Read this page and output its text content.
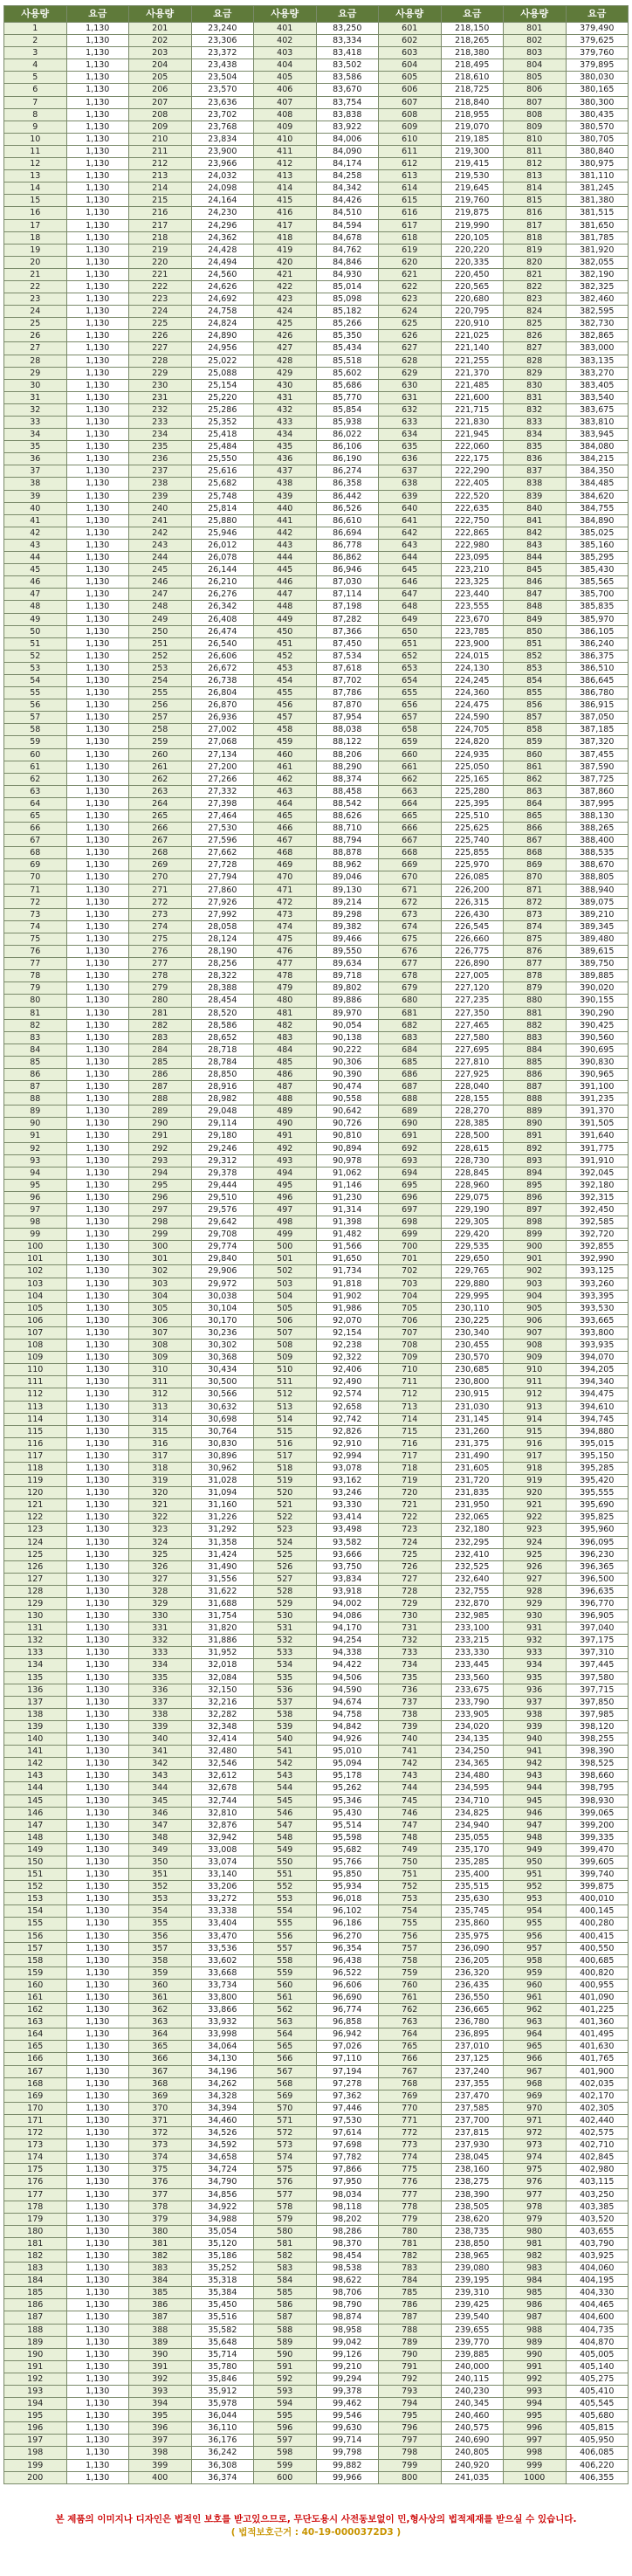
사용량	요금	사용량	요금	사용량	요금	사용량	요금	사용량	요금
1	1,130	201	23,240	401	83,250	601	218,150	801	379,490
2	1,130	202	23,306	402	83,334	602	218,265	802	379,625
3	1,130	203	23,372	403	83,418	603	218,380	803	379,760
4	1,130	204	23,438	404	83,502	604	218,495	804	379,895
5	1,130	205	23,504	405	83,586	605	218,610	805	380,030
6	1,130	206	23,570	406	83,670	606	218,725	806	380,165
7	1,130	207	23,636	407	83,754	607	218,840	807	380,300
8	1,130	208	23,702	408	83,838	608	218,955	808	380,435
9	1,130	209	23,768	409	83,922	609	219,070	809	380,570
10	1,130	210	23,834	410	84,006	610	219,185	810	380,705
11	1,130	211	23,900	411	84,090	611	219,300	811	380,840
12	1,130	212	23,966	412	84,174	612	219,415	812	380,975
13	1,130	213	24,032	413	84,258	613	219,530	813	381,110
14	1,130	214	24,098	414	84,342	614	219,645	814	381,245
15	1,130	215	24,164	415	84,426	615	219,760	815	381,380
16	1,130	216	24,230	416	84,510	616	219,875	816	381,515
17	1,130	217	24,296	417	84,594	617	219,990	817	381,650
18	1,130	218	24,362	418	84,678	618	220,105	818	381,785
19	1,130	219	24,428	419	84,762	619	220,220	819	381,920
20	1,130	220	24,494	420	84,846	620	220,335	820	382,055
21	1,130	221	24,560	421	84,930	621	220,450	821	382,190
22	1,130	222	24,626	422	85,014	622	220,565	822	382,325
23	1,130	223	24,692	423	85,098	623	220,680	823	382,460
24	1,130	224	24,758	424	85,182	624	220,795	824	382,595
25	1,130	225	24,824	425	85,266	625	220,910	825	382,730
26	1,130	226	24,890	426	85,350	626	221,025	826	382,865
27	1,130	227	24,956	427	85,434	627	221,140	827	383,000
28	1,130	228	25,022	428	85,518	628	221,255	828	383,135
29	1,130	229	25,088	429	85,602	629	221,370	829	383,270
30	1,130	230	25,154	430	85,686	630	221,485	830	383,405
31	1,130	231	25,220	431	85,770	631	221,600	831	383,540
32	1,130	232	25,286	432	85,854	632	221,715	832	383,675
33	1,130	233	25,352	433	85,938	633	221,830	833	383,810
34	1,130	234	25,418	434	86,022	634	221,945	834	383,945
35	1,130	235	25,484	435	86,106	635	222,060	835	384,080
36	1,130	236	25,550	436	86,190	636	222,175	836	384,215
37	1,130	237	25,616	437	86,274	637	222,290	837	384,350
38	1,130	238	25,682	438	86,358	638	222,405	838	384,485
39	1,130	239	25,748	439	86,442	639	222,520	839	384,620
40	1,130	240	25,814	440	86,526	640	222,635	840	384,755
41	1,130	241	25,880	441	86,610	641	222,750	841	384,890
42	1,130	242	25,946	442	86,694	642	222,865	842	385,025
43	1,130	243	26,012	443	86,778	643	222,980	843	385,160
44	1,130	244	26,078	444	86,862	644	223,095	844	385,295
45	1,130	245	26,144	445	86,946	645	223,210	845	385,430
46	1,130	246	26,210	446	87,030	646	223,325	846	385,565
47	1,130	247	26,276	447	87,114	647	223,440	847	385,700
48	1,130	248	26,342	448	87,198	648	223,555	848	385,835
49	1,130	249	26,408	449	87,282	649	223,670	849	385,970
50	1,130	250	26,474	450	87,366	650	223,785	850	386,105
51	1,130	251	26,540	451	87,450	651	223,900	851	386,240
52	1,130	252	26,606	452	87,534	652	224,015	852	386,375
53	1,130	253	26,672	453	87,618	653	224,130	853	386,510
54	1,130	254	26,738	454	87,702	654	224,245	854	386,645
55	1,130	255	26,804	455	87,786	655	224,360	855	386,780
56	1,130	256	26,870	456	87,870	656	224,475	856	386,915
57	1,130	257	26,936	457	87,954	657	224,590	857	387,050
58	1,130	258	27,002	458	88,038	658	224,705	858	387,185
59	1,130	259	27,068	459	88,122	659	224,820	859	387,320
60	1,130	260	27,134	460	88,206	660	224,935	860	387,455
61	1,130	261	27,200	461	88,290	661	225,050	861	387,590
62	1,130	262	27,266	462	88,374	662	225,165	862	387,725
63	1,130	263	27,332	463	88,458	663	225,280	863	387,860
64	1,130	264	27,398	464	88,542	664	225,395	864	387,995
65	1,130	265	27,464	465	88,626	665	225,510	865	388,130
66	1,130	266	27,530	466	88,710	666	225,625	866	388,265
67	1,130	267	27,596	467	88,794	667	225,740	867	388,400
68	1,130	268	27,662	468	88,878	668	225,855	868	388,535
69	1,130	269	27,728	469	88,962	669	225,970	869	388,670
70	1,130	270	27,794	470	89,046	670	226,085	870	388,805
71	1,130	271	27,860	471	89,130	671	226,200	871	388,940
72	1,130	272	27,926	472	89,214	672	226,315	872	389,075
73	1,130	273	27,992	473	89,298	673	226,430	873	389,210
74	1,130	274	28,058	474	89,382	674	226,545	874	389,345
75	1,130	275	28,124	475	89,466	675	226,660	875	389,480
76	1,130	276	28,190	476	89,550	676	226,775	876	389,615
77	1,130	277	28,256	477	89,634	677	226,890	877	389,750
78	1,130	278	28,322	478	89,718	678	227,005	878	389,885
79	1,130	279	28,388	479	89,802	679	227,120	879	390,020
80	1,130	280	28,454	480	89,886	680	227,235	880	390,155
81	1,130	281	28,520	481	89,970	681	227,350	881	390,290
82	1,130	282	28,586	482	90,054	682	227,465	882	390,425
83	1,130	283	28,652	483	90,138	683	227,580	883	390,560
84	1,130	284	28,718	484	90,222	684	227,695	884	390,695
85	1,130	285	28,784	485	90,306	685	227,810	885	390,830
86	1,130	286	28,850	486	90,390	686	227,925	886	390,965
87	1,130	287	28,916	487	90,474	687	228,040	887	391,100
88	1,130	288	28,982	488	90,558	688	228,155	888	391,235
89	1,130	289	29,048	489	90,642	689	228,270	889	391,370
90	1,130	290	29,114	490	90,726	690	228,385	890	391,505
91	1,130	291	29,180	491	90,810	691	228,500	891	391,640
92	1,130	292	29,246	492	90,894	692	228,615	892	391,775
93	1,130	293	29,312	493	90,978	693	228,730	893	391,910
94	1,130	294	29,378	494	91,062	694	228,845	894	392,045
95	1,130	295	29,444	495	91,146	695	228,960	895	392,180
96	1,130	296	29,510	496	91,230	696	229,075	896	392,315
97	1,130	297	29,576	497	91,314	697	229,190	897	392,450
98	1,130	298	29,642	498	91,398	698	229,305	898	392,585
99	1,130	299	29,708	499	91,482	699	229,420	899	392,720
100	1,130	300	29,774	500	91,566	700	229,535	900	392,855
101	1,130	301	29,840	501	91,650	701	229,650	901	392,990
102	1,130	302	29,906	502	91,734	702	229,765	902	393,125
103	1,130	303	29,972	503	91,818	703	229,880	903	393,260
104	1,130	304	30,038	504	91,902	704	229,995	904	393,395
105	1,130	305	30,104	505	91,986	705	230,110	905	393,530
106	1,130	306	30,170	506	92,070	706	230,225	906	393,665
107	1,130	307	30,236	507	92,154	707	230,340	907	393,800
108	1,130	308	30,302	508	92,238	708	230,455	908	393,935
109	1,130	309	30,368	509	92,322	709	230,570	909	394,070
110	1,130	310	30,434	510	92,406	710	230,685	910	394,205
111	1,130	311	30,500	511	92,490	711	230,800	911	394,340
112	1,130	312	30,566	512	92,574	712	230,915	912	394,475
113	1,130	313	30,632	513	92,658	713	231,030	913	394,610
114	1,130	314	30,698	514	92,742	714	231,145	914	394,745
115	1,130	315	30,764	515	92,826	715	231,260	915	394,880
116	1,130	316	30,830	516	92,910	716	231,375	916	395,015
117	1,130	317	30,896	517	92,994	717	231,490	917	395,150
118	1,130	318	30,962	518	93,078	718	231,605	918	395,285
119	1,130	319	31,028	519	93,162	719	231,720	919	395,420
120	1,130	320	31,094	520	93,246	720	231,835	920	395,555
121	1,130	321	31,160	521	93,330	721	231,950	921	395,690
122	1,130	322	31,226	522	93,414	722	232,065	922	395,825
123	1,130	323	31,292	523	93,498	723	232,180	923	395,960
124	1,130	324	31,358	524	93,582	724	232,295	924	396,095
125	1,130	325	31,424	525	93,666	725	232,410	925	396,230
126	1,130	326	31,490	526	93,750	726	232,525	926	396,365
127	1,130	327	31,556	527	93,834	727	232,640	927	396,500
128	1,130	328	31,622	528	93,918	728	232,755	928	396,635
129	1,130	329	31,688	529	94,002	729	232,870	929	396,770
130	1,130	330	31,754	530	94,086	730	232,985	930	396,905
131	1,130	331	31,820	531	94,170	731	233,100	931	397,040
132	1,130	332	31,886	532	94,254	732	233,215	932	397,175
133	1,130	333	31,952	533	94,338	733	233,330	933	397,310
134	1,130	334	32,018	534	94,422	734	233,445	934	397,445
135	1,130	335	32,084	535	94,506	735	233,560	935	397,580
136	1,130	336	32,150	536	94,590	736	233,675	936	397,715
137	1,130	337	32,216	537	94,674	737	233,790	937	397,850
138	1,130	338	32,282	538	94,758	738	233,905	938	397,985
139	1,130	339	32,348	539	94,842	739	234,020	939	398,120
140	1,130	340	32,414	540	94,926	740	234,135	940	398,255
141	1,130	341	32,480	541	95,010	741	234,250	941	398,390
142	1,130	342	32,546	542	95,094	742	234,365	942	398,525
143	1,130	343	32,612	543	95,178	743	234,480	943	398,660
144	1,130	344	32,678	544	95,262	744	234,595	944	398,795
145	1,130	345	32,744	545	95,346	745	234,710	945	398,930
146	1,130	346	32,810	546	95,430	746	234,825	946	399,065
147	1,130	347	32,876	547	95,514	747	234,940	947	399,200
148	1,130	348	32,942	548	95,598	748	235,055	948	399,335
149	1,130	349	33,008	549	95,682	749	235,170	949	399,470
150	1,130	350	33,074	550	95,766	750	235,285	950	399,605
151	1,130	351	33,140	551	95,850	751	235,400	951	399,740
152	1,130	352	33,206	552	95,934	752	235,515	952	399,875
153	1,130	353	33,272	553	96,018	753	235,630	953	400,010
154	1,130	354	33,338	554	96,102	754	235,745	954	400,145
155	1,130	355	33,404	555	96,186	755	235,860	955	400,280
156	1,130	356	33,470	556	96,270	756	235,975	956	400,415
157	1,130	357	33,536	557	96,354	757	236,090	957	400,550
158	1,130	358	33,602	558	96,438	758	236,205	958	400,685
159	1,130	359	33,668	559	96,522	759	236,320	959	400,820
160	1,130	360	33,734	560	96,606	760	236,435	960	400,955
161	1,130	361	33,800	561	96,690	761	236,550	961	401,090
162	1,130	362	33,866	562	96,774	762	236,665	962	401,225
163	1,130	363	33,932	563	96,858	763	236,780	963	401,360
164	1,130	364	33,998	564	96,942	764	236,895	964	401,495
165	1,130	365	34,064	565	97,026	765	237,010	965	401,630
166	1,130	366	34,130	566	97,110	766	237,125	966	401,765
167	1,130	367	34,196	567	97,194	767	237,240	967	401,900
168	1,130	368	34,262	568	97,278	768	237,355	968	402,035
169	1,130	369	34,328	569	97,362	769	237,470	969	402,170
170	1,130	370	34,394	570	97,446	770	237,585	970	402,305
171	1,130	371	34,460	571	97,530	771	237,700	971	402,440
172	1,130	372	34,526	572	97,614	772	237,815	972	402,575
173	1,130	373	34,592	573	97,698	773	237,930	973	402,710
174	1,130	374	34,658	574	97,782	774	238,045	974	402,845
175	1,130	375	34,724	575	97,866	775	238,160	975	402,980
176	1,130	376	34,790	576	97,950	776	238,275	976	403,115
177	1,130	377	34,856	577	98,034	777	238,390	977	403,250
178	1,130	378	34,922	578	98,118	778	238,505	978	403,385
179	1,130	379	34,988	579	98,202	779	238,620	979	403,520
180	1,130	380	35,054	580	98,286	780	238,735	980	403,655
181	1,130	381	35,120	581	98,370	781	238,850	981	403,790
182	1,130	382	35,186	582	98,454	782	238,965	982	403,925
183	1,130	383	35,252	583	98,538	783	239,080	983	404,060
184	1,130	384	35,318	584	98,622	784	239,195	984	404,195
185	1,130	385	35,384	585	98,706	785	239,310	985	404,330
186	1,130	386	35,450	586	98,790	786	239,425	986	404,465
187	1,130	387	35,516	587	98,874	787	239,540	987	404,600
188	1,130	388	35,582	588	98,958	788	239,655	988	404,735
189	1,130	389	35,648	589	99,042	789	239,770	989	404,870
190	1,130	390	35,714	590	99,126	790	239,885	990	405,005
191	1,130	391	35,780	591	99,210	791	240,000	991	405,140
192	1,130	392	35,846	592	99,294	792	240,115	992	405,275
193	1,130	393	35,912	593	99,378	793	240,230	993	405,410
194	1,130	394	35,978	594	99,462	794	240,345	994	405,545
195	1,130	395	36,044	595	99,546	795	240,460	995	405,680
196	1,130	396	36,110	596	99,630	796	240,575	996	405,815
197	1,130	397	36,176	597	99,714	797	240,690	997	405,950
198	1,130	398	36,242	598	99,798	798	240,805	998	406,085
199	1,130	399	36,308	599	99,882	799	240,920	999	406,220
200	1,130	400	36,374	600	99,966	800	241,035	1000	406,355
본 제품의 이미지나 디자인은 법적인 보호를 받고있으므로, 무단도용시 사전동보없이 민,형사상의 법적제재를 받으실 수 있습니다.
( 법적보호근거 : 40-19-0000372D3 )
